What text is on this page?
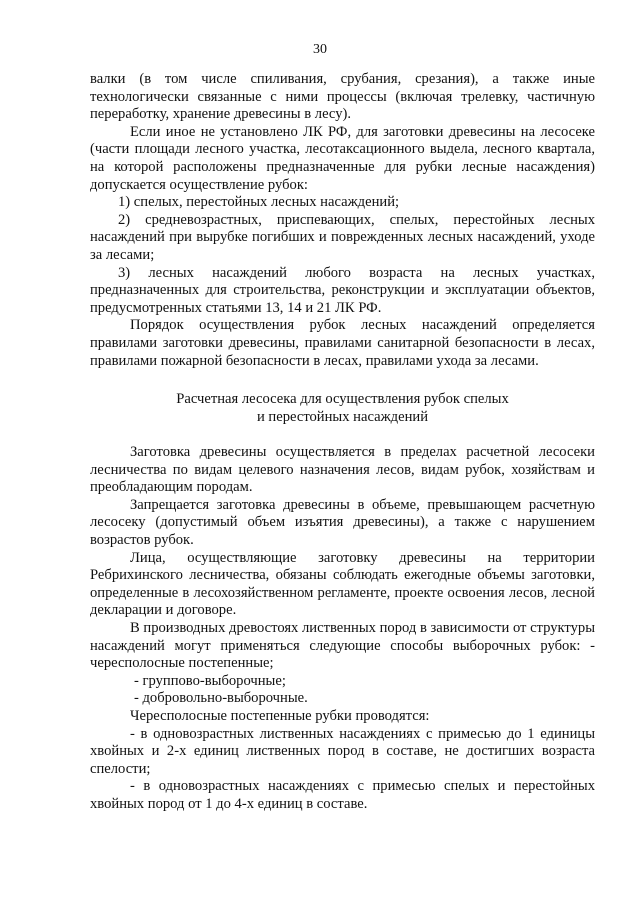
30

валки (в том числе спиливания, срубания, срезания), а также иные технологически связанные с ними процессы (включая трелевку, частичную переработку, хранение древесины в лесу).

Если иное не установлено ЛК РФ, для заготовки древесины на лесосеке (части площади лесного участка, лесотаксационного выдела, лесного квартала, на которой расположены предназначенные для рубки лесные насаждения) допускается осуществление рубок:

1) спелых, перестойных лесных насаждений;

2) средневозрастных, приспевающих, спелых, перестойных лесных насаждений при вырубке погибших и поврежденных лесных насаждений, уходе за лесами;

3) лесных насаждений любого возраста на лесных участках, предназначенных для строительства, реконструкции и эксплуатации объектов, предусмотренных статьями 13, 14 и 21 ЛК РФ.

Порядок осуществления рубок лесных насаждений определяется правилами заготовки древесины, правилами санитарной безопасности в лесах, правилами пожарной безопасности в лесах, правилами ухода за лесами.

Расчетная лесосека для осуществления рубок спелых
и перестойных насаждений

Заготовка древесины осуществляется в пределах расчетной лесосеки лесничества по видам целевого назначения лесов, видам рубок, хозяйствам и преобладающим породам.

Запрещается заготовка древесины в объеме, превышающем расчетную лесосеку (допустимый объем изъятия древесины), а также с нарушением возрастов рубок.

Лица, осуществляющие заготовку древесины на территории Ребрихинского лесничества, обязаны соблюдать ежегодные объемы заготовки, определенные в лесохозяйственном регламенте, проекте освоения лесов, лесной декларации и договоре.

В производных древостоях лиственных пород в зависимости от структуры насаждений могут применяться следующие способы выборочных рубок: - чересполосные постепенные;

- группово-выборочные;

- добровольно-выборочные.

Чересполосные постепенные рубки проводятся:

- в одновозрастных лиственных насаждениях с примесью до 1 единицы хвойных и 2-х единиц лиственных пород в составе, не достигших возраста спелости;

- в одновозрастных насаждениях с примесью спелых и перестойных хвойных пород от 1 до 4-х единиц в составе.
